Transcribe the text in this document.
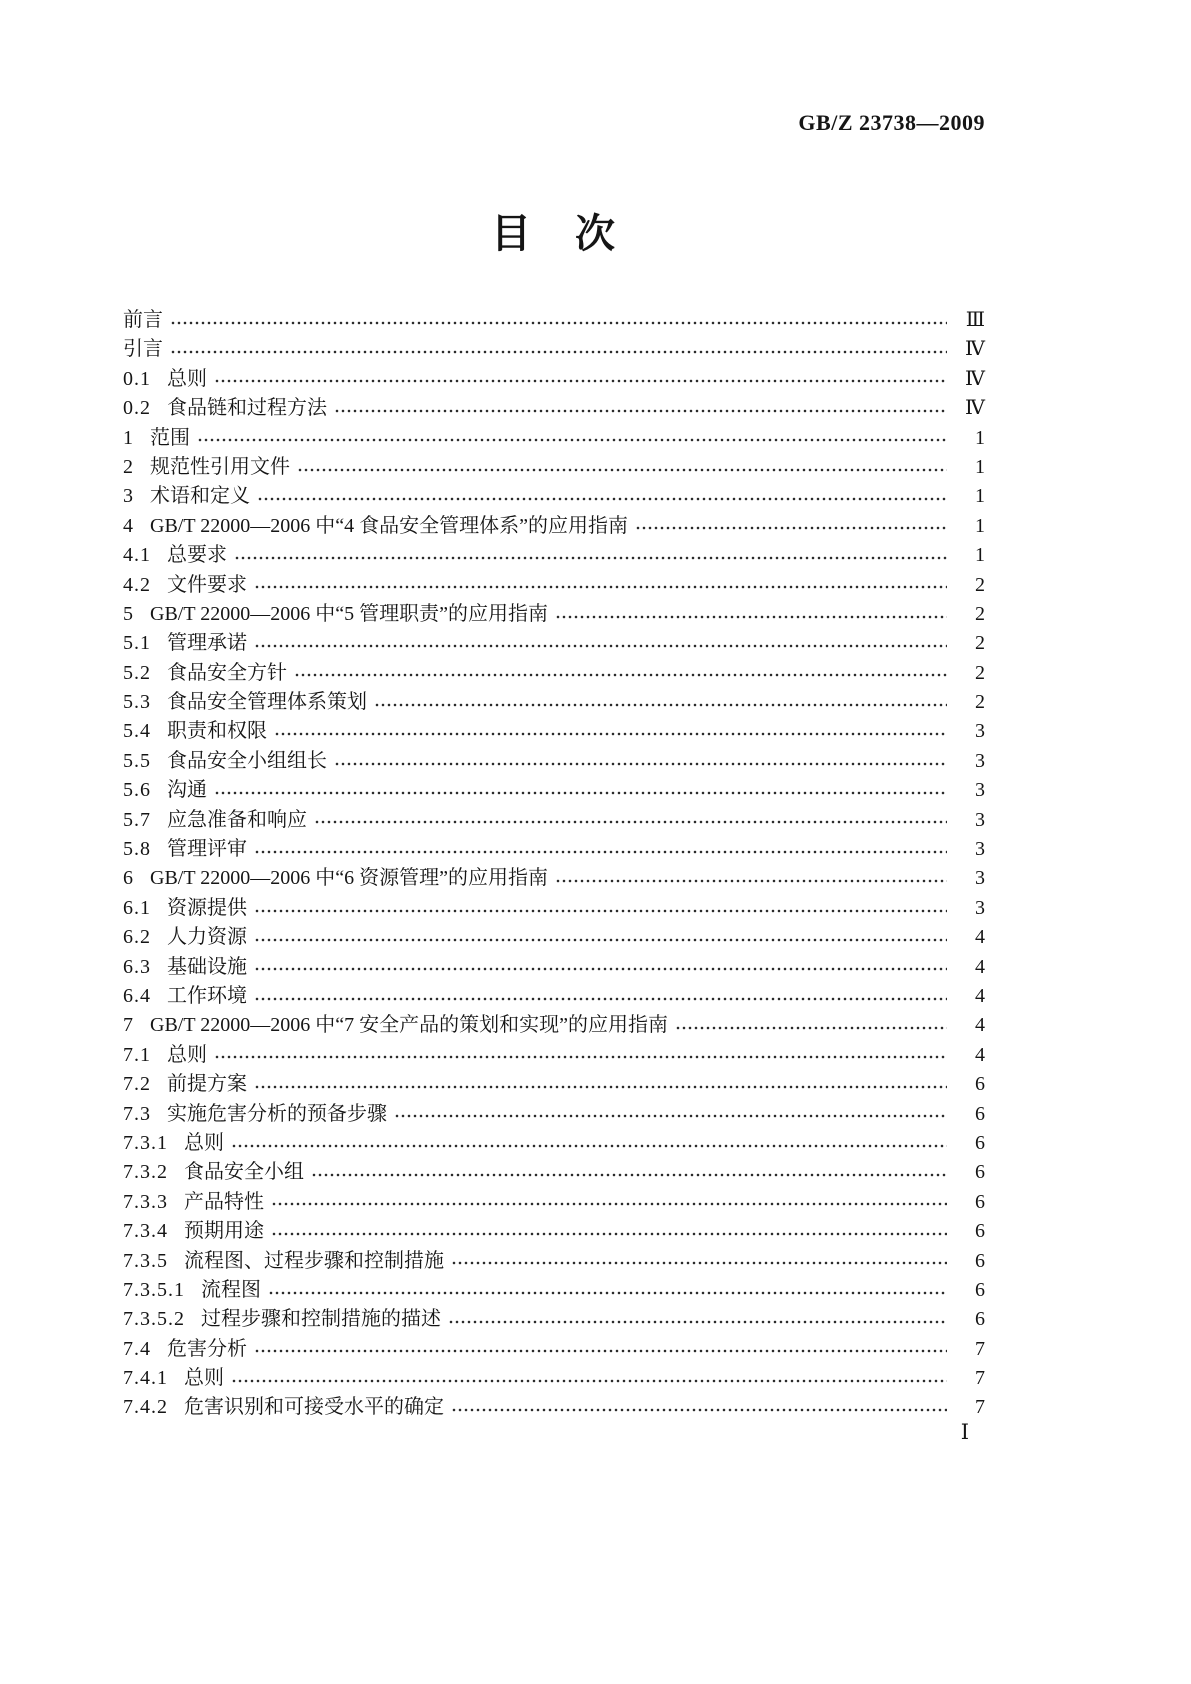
GB/Z 23738—2009
目　次
前言	Ⅲ
引言	Ⅳ
0.1 总则	Ⅳ
0.2 食品链和过程方法	Ⅳ
1 范围	1
2 规范性引用文件	1
3 术语和定义	1
4 GB/T 22000—2006 中“4 食品安全管理体系”的应用指南	1
4.1 总要求	1
4.2 文件要求	2
5 GB/T 22000—2006 中“5 管理职责”的应用指南	2
5.1 管理承诺	2
5.2 食品安全方针	2
5.3 食品安全管理体系策划	2
5.4 职责和权限	3
5.5 食品安全小组组长	3
5.6 沟通	3
5.7 应急准备和响应	3
5.8 管理评审	3
6 GB/T 22000—2006 中“6 资源管理”的应用指南	3
6.1 资源提供	3
6.2 人力资源	4
6.3 基础设施	4
6.4 工作环境	4
7 GB/T 22000—2006 中“7 安全产品的策划和实现”的应用指南	4
7.1 总则	4
7.2 前提方案	6
7.3 实施危害分析的预备步骤	6
7.3.1 总则	6
7.3.2 食品安全小组	6
7.3.3 产品特性	6
7.3.4 预期用途	6
7.3.5 流程图、过程步骤和控制措施	6
7.3.5.1 流程图	6
7.3.5.2 过程步骤和控制措施的描述	6
7.4 危害分析	7
7.4.1 总则	7
7.4.2 危害识别和可接受水平的确定	7
Ⅰ
